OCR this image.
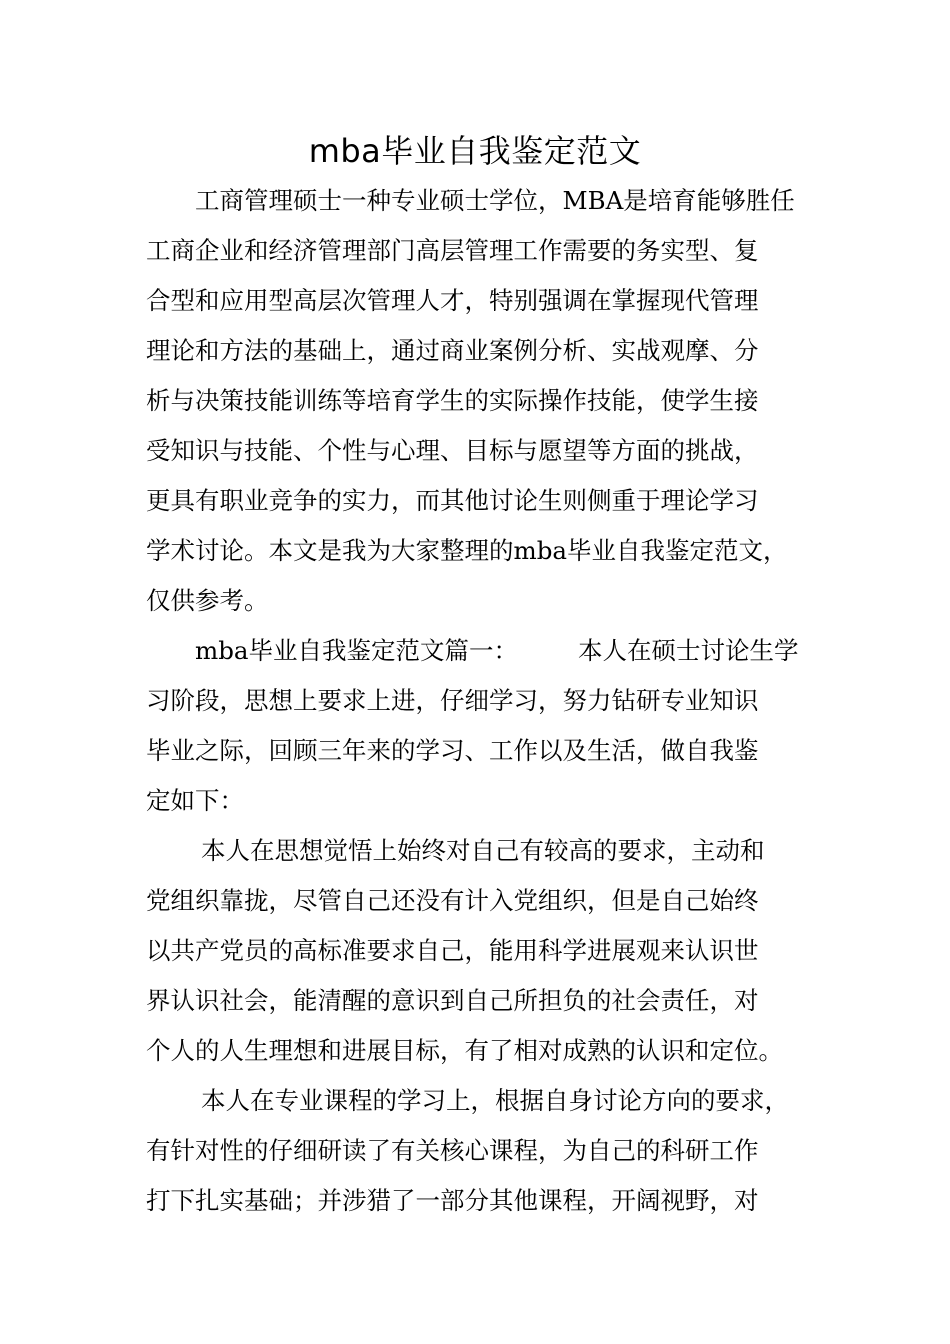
mba毕业自我鉴定范文
工商管理硕士一种专业硕士学位，MBA是培育能够胜任
工商企业和经济管理部门高层管理工作需要的务实型、复
合型和应用型高层次管理人才，特别强调在掌握现代管理
理论和方法的基础上，通过商业案例分析、实战观摩、分
析与决策技能训练等培育学生的实际操作技能，使学生接
受知识与技能、个性与心理、目标与愿望等方面的挑战，
更具有职业竞争的实力，而其他讨论生则侧重于理论学习
学术讨论。本文是我为大家整理的mba毕业自我鉴定范文，
仅供参考。
mba毕业自我鉴定范文篇一： 本人在硕士讨论生学
习阶段，思想上要求上进，仔细学习，努力钻研专业知识
毕业之际，回顾三年来的学习、工作以及生活，做自我鉴
定如下：
本人在思想觉悟上始终对自己有较高的要求，主动和
党组织靠拢，尽管自己还没有计入党组织，但是自己始终
以共产党员的高标准要求自己，能用科学进展观来认识世
界认识社会，能清醒的意识到自己所担负的社会责任，对
个人的人生理想和进展目标，有了相对成熟的认识和定位。
本人在专业课程的学习上，根据自身讨论方向的要求，
有针对性的仔细研读了有关核心课程，为自己的科研工作
打下扎实基础；并涉猎了一部分其他课程，开阔视野，对
